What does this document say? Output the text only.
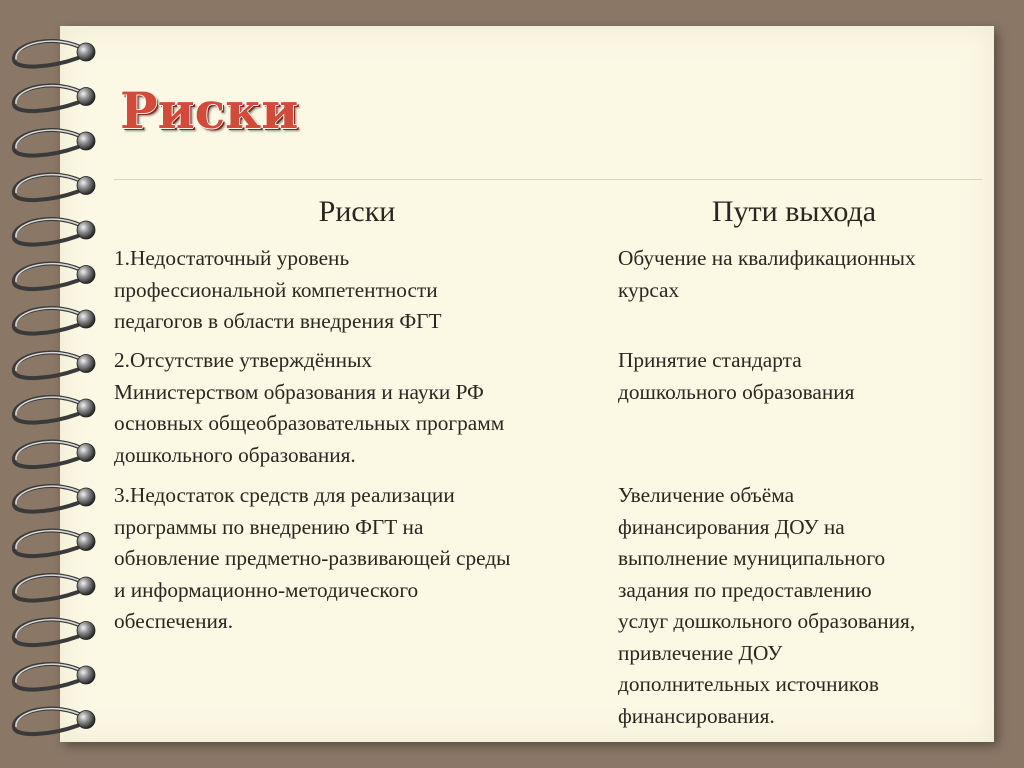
Риски
Риски	Пути выхода
1.Недостаточный уровень
профессиональной компетентности
педагогов в области внедрения ФГТ
Обучение на квалификационных
курсах
2.Отсутствие утверждённых
Министерством образования и науки РФ
основных общеобразовательных программ
дошкольного образования.
Принятие стандарта
дошкольного образования
3.Недостаток средств для реализации
программы по внедрению ФГТ на
обновление предметно-развивающей среды
и информационно-методического
обеспечения.
Увеличение объёма
финансирования ДОУ на
выполнение муниципального
задания по предоставлению
услуг дошкольного образования,
привлечение ДОУ
дополнительных источников
финансирования.
